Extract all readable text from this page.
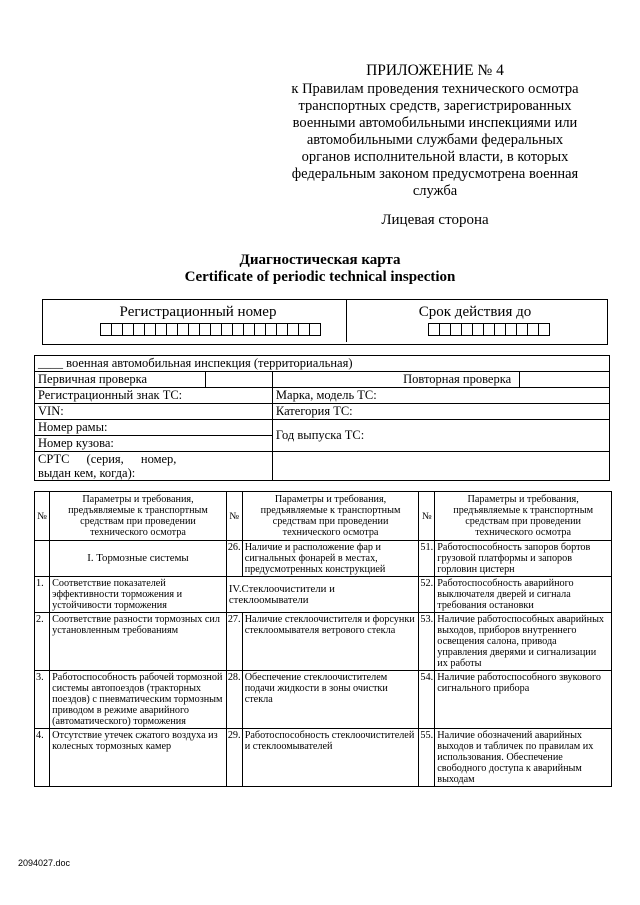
ПРИЛОЖЕНИЕ № 4
к Правилам проведения технического осмотра
транспортных средств, зарегистрированных
военными автомобильными инспекциями или
автомобильными службами федеральных
органов исполнительной власти, в которых
федеральным законом предусмотрена военная
служба
Лицевая сторона
Диагностическая карта
Certificate of periodic technical inspection
Регистрационный номер	Срок действия до
____ военная автомобильная инспекция (территориальная)			
Первичная проверка		Повторная проверка	
Регистрационный знак ТС:		Марка, модель ТС:	
VIN:		Категория ТС:	
Номер рамы:		Год выпуска ТС:	
Номер кузова:			

СРТС (серия, номер,
выдан кем, когда):			

№	Параметры и требования, предъявляемые к транспортным средствам при проведении технического осмотра	№	Параметры и требования, предъявляемые к транспортным средствам при проведении технического осмотра	№	Параметры и требования, предъявляемые к транспортным средствам при проведении технического осмотра
	I. Тормозные системы	26.	Наличие и расположение фар и сигнальных фонарей в местах, предусмотренных конструкцией	51.	Работоспособность запоров бортов грузовой платформы и запоров горловин цистерн
1.	Соответствие показателей эффективности торможения и устойчивости торможения	IV.Стеклоочистители и стеклоомыватели		52.	Работоспособность аварийного выключателя дверей и сигнала требования остановки
2.	Соответствие разности тормозных сил установленным требованиям	27.	Наличие стеклоочистителя и форсунки стеклоомывателя ветрового стекла	53.	Наличие работоспособных аварийных выходов, приборов внутреннего освещения салона, привода управления дверями и сигнализации их работы
3.	Работоспособность рабочей тормозной системы автопоездов (тракторных поездов) с пневматическим тормозным приводом в режиме аварийного (автоматического) торможения	28.	Обеспечение стеклоочистителем подачи жидкости в зоны очистки стекла	54.	Наличие работоспособного звукового сигнального прибора
4.	Отсутствие утечек сжатого воздуха из колесных тормозных камер	29.	Работоспособность стеклоочистителей и стеклоомывателей	55.	Наличие обозначений аварийных выходов и табличек по правилам их использования. Обеспечение свободного доступа к аварийным выходам
2094027.doc
